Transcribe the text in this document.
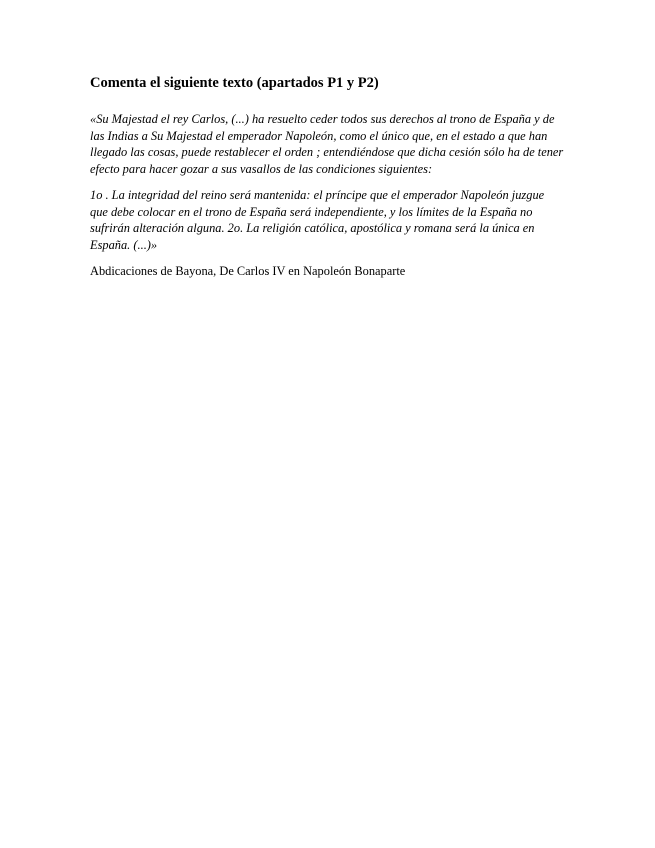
Comenta el siguiente texto (apartados P1 y P2)

«Su Majestad el rey Carlos, (...) ha resuelto ceder todos sus derechos al trono de España y de las Indias a Su Majestad el emperador Napoleón, como el único que, en el estado a que han llegado las cosas, puede restablecer el orden ; entendiéndose que dicha cesión sólo ha de tener efecto para hacer gozar a sus vasallos de las condiciones siguientes:

1o . La integridad del reino será mantenida: el príncipe que el emperador Napoleón juzgue que debe colocar en el trono de España será independiente, y los límites de la España no sufrirán alteración alguna. 2o. La religión católica, apostólica y romana será la única en España. (...)»

Abdicaciones de Bayona, De Carlos IV en Napoleón Bonaparte
